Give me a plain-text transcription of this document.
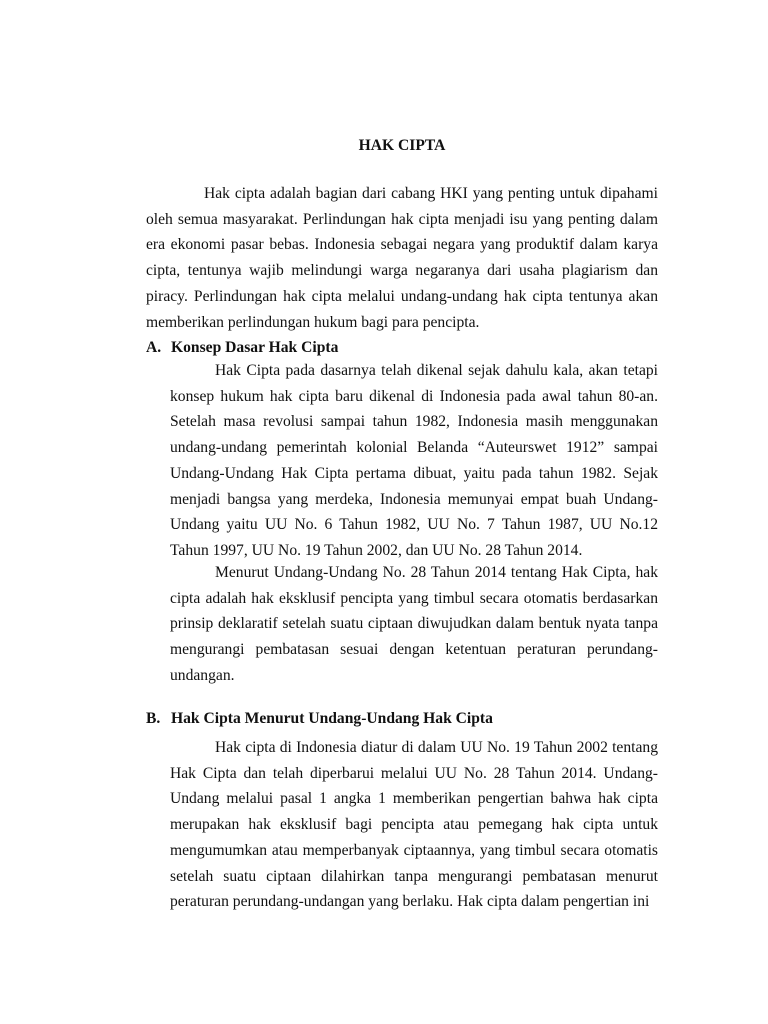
HAK CIPTA

Hak cipta adalah bagian dari cabang HKI yang penting untuk dipahami oleh semua masyarakat. Perlindungan hak cipta menjadi isu yang penting dalam era ekonomi pasar bebas. Indonesia sebagai negara yang produktif dalam karya cipta, tentunya wajib melindungi warga negaranya dari usaha plagiarism dan piracy. Perlindungan hak cipta melalui undang-undang hak cipta tentunya akan memberikan perlindungan hukum bagi para pencipta.

A. Konsep Dasar Hak Cipta

Hak Cipta pada dasarnya telah dikenal sejak dahulu kala, akan tetapi konsep hukum hak cipta baru dikenal di Indonesia pada awal tahun 80-an. Setelah masa revolusi sampai tahun 1982, Indonesia masih menggunakan undang-undang pemerintah kolonial Belanda “Auteurswet 1912” sampai Undang-Undang Hak Cipta pertama dibuat, yaitu pada tahun 1982. Sejak menjadi bangsa yang merdeka, Indonesia memunyai empat buah Undang-Undang yaitu UU No. 6 Tahun 1982, UU No. 7 Tahun 1987, UU No.12 Tahun 1997, UU No. 19 Tahun 2002, dan UU No. 28 Tahun 2014.

Menurut Undang-Undang No. 28 Tahun 2014 tentang Hak Cipta, hak cipta adalah hak eksklusif pencipta yang timbul secara otomatis berdasarkan prinsip deklaratif setelah suatu ciptaan diwujudkan dalam bentuk nyata tanpa mengurangi pembatasan sesuai dengan ketentuan peraturan perundang-undangan.

B. Hak Cipta Menurut Undang-Undang Hak Cipta

Hak cipta di Indonesia diatur di dalam UU No. 19 Tahun 2002 tentang Hak Cipta dan telah diperbarui melalui UU No. 28 Tahun 2014. Undang-Undang melalui pasal 1 angka 1 memberikan pengertian bahwa hak cipta merupakan hak eksklusif bagi pencipta atau pemegang hak cipta untuk mengumumkan atau memperbanyak ciptaannya, yang timbul secara otomatis setelah suatu ciptaan dilahirkan tanpa mengurangi pembatasan menurut peraturan perundang-undangan yang berlaku. Hak cipta dalam pengertian ini
